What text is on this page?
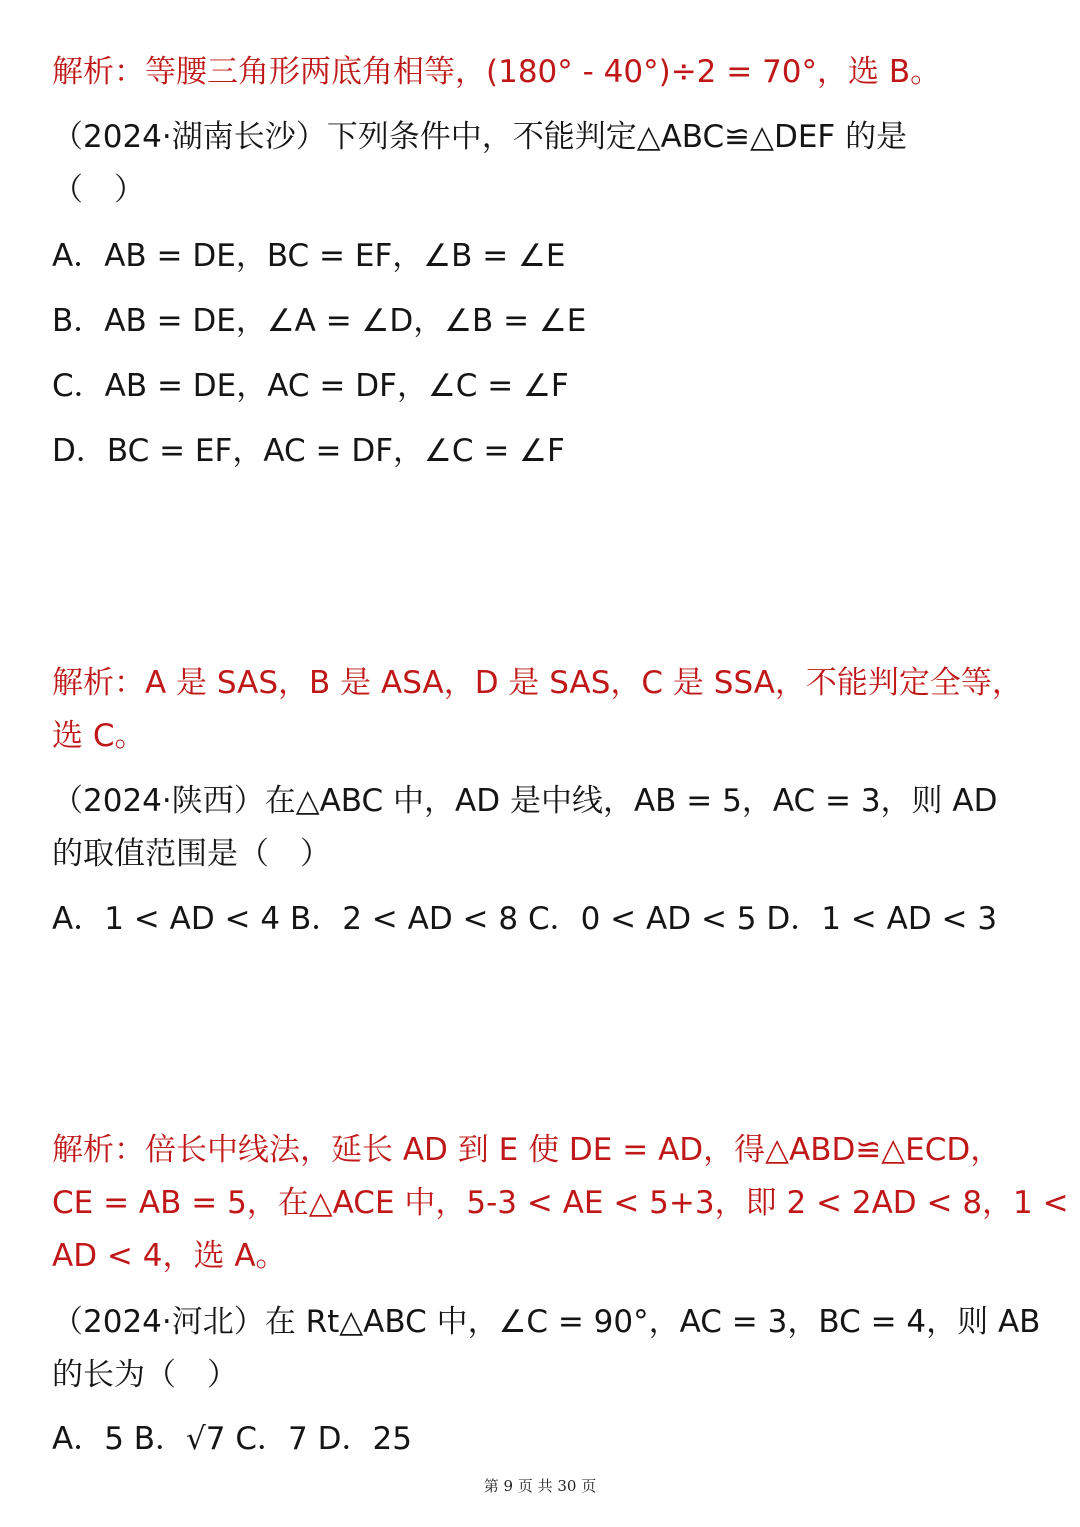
解析：等腰三角形两底角相等，(180° - 40°)÷2 = 70°，选 B。

（2024·湖南长沙）下列条件中，不能判定△ABC≌△DEF 的是

（　）

A．AB = DE，BC = EF，∠B = ∠E

B．AB = DE，∠A = ∠D，∠B = ∠E

C．AB = DE，AC = DF，∠C = ∠F

D．BC = EF，AC = DF，∠C = ∠F

解析：A 是 SAS，B 是 ASA，D 是 SAS，C 是 SSA，不能判定全等，

选 C。

（2024·陕西）在△ABC 中，AD 是中线，AB = 5，AC = 3，则 AD

的取值范围是（　）

A．1 < AD < 4 B．2 < AD < 8 C．0 < AD < 5 D．1 < AD < 3

解析：倍长中线法，延长 AD 到 E 使 DE = AD，得△ABD≌△ECD，

CE = AB = 5，在△ACE 中，5-3 < AE < 5+3，即 2 < 2AD < 8，1 <

AD < 4，选 A。

（2024·河北）在 Rt△ABC 中，∠C = 90°，AC = 3，BC = 4，则 AB

的长为（　）

A．5 B．√7 C．7 D．25

第 9 页 共 30 页
